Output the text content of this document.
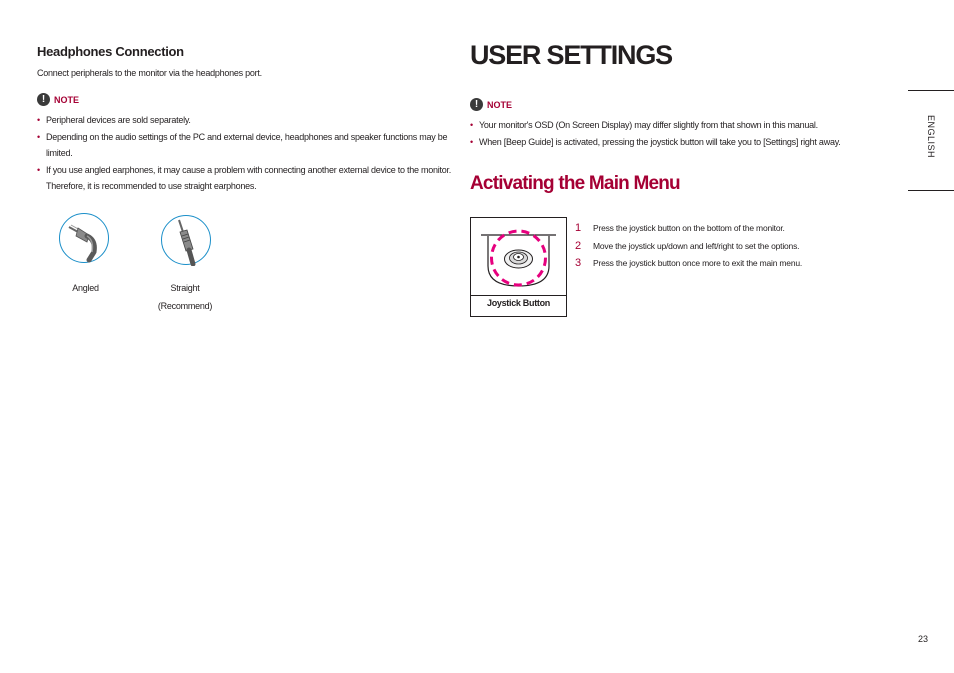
Headphones Connection
Connect peripherals to the monitor via the headphones port.
! NOTE
• Peripheral devices are sold separately.
• Depending on the audio settings of the PC and external device, headphones and speaker functions may be limited.
• If you use angled earphones, it may cause a problem with connecting another external device to the monitor. Therefore, it is recommended to use straight earphones.
Angled	Straight
(Recommend)
USER SETTINGS
! NOTE
• Your monitor's OSD (On Screen Display) may differ slightly from that shown in this manual.
• When [Beep Guide] is activated, pressing the joystick button will take you to [Settings] right away.
Activating the Main Menu
Joystick Button
1	Press the joystick button on the bottom of the monitor.
2	Move the joystick up/down and left/right to set the options.
3	Press the joystick button once more to exit the main menu.
ENGLISH
23
